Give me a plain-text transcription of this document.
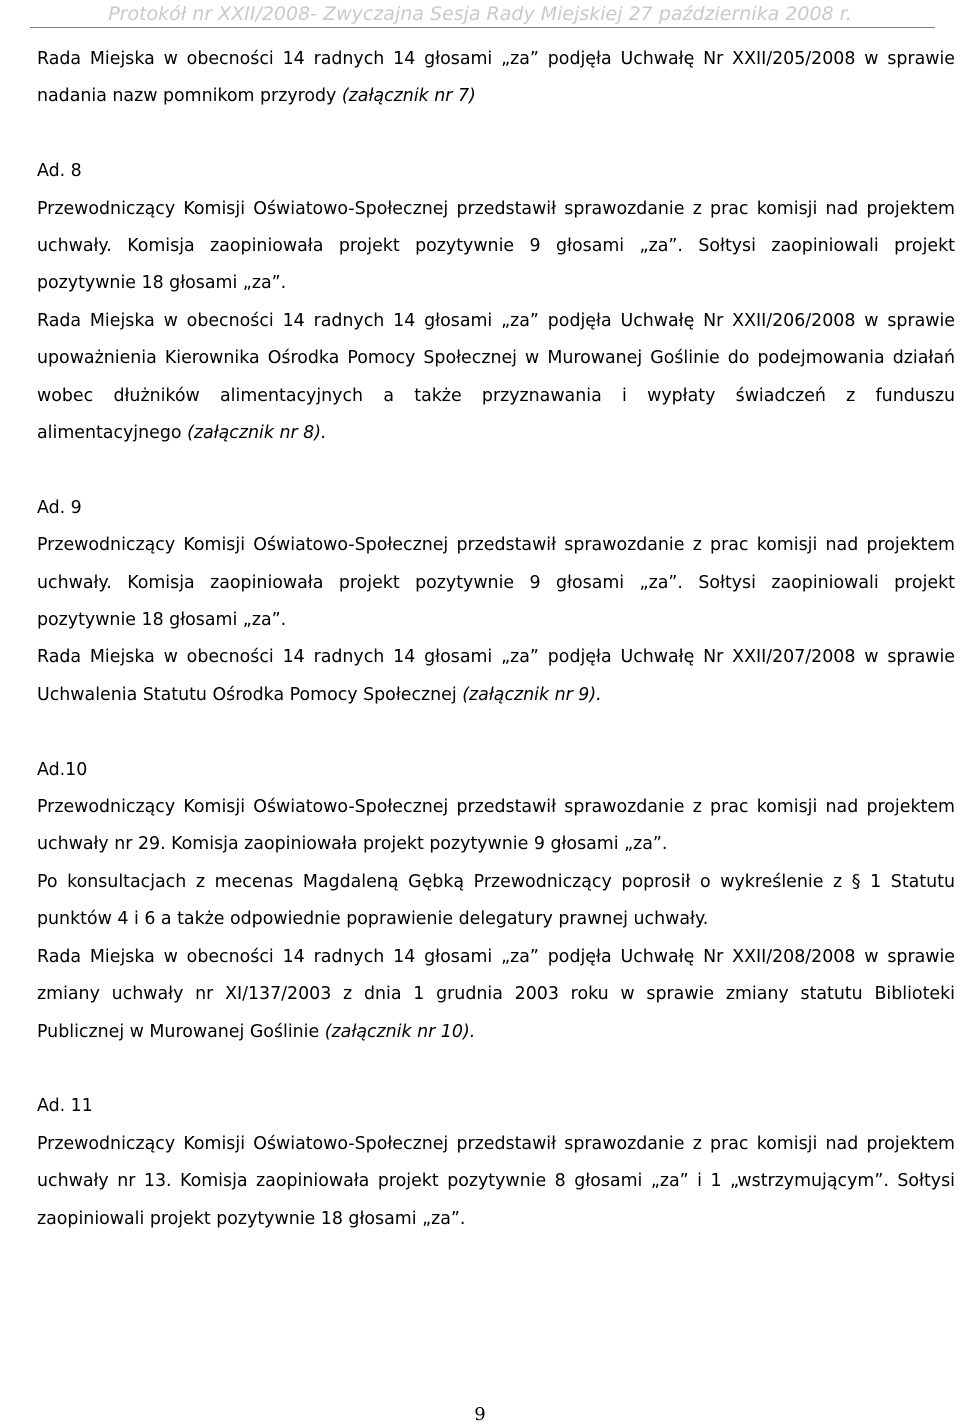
Protokół nr XXII/2008- Zwyczajna Sesja Rady Miejskiej 27 października 2008 r.

Rada Miejska w obecności 14 radnych 14 głosami „za” podjęła Uchwałę Nr XXII/205/2008 w sprawie nadania nazw pomnikom przyrody (załącznik nr 7)

Ad. 8

Przewodniczący Komisji Oświatowo-Społecznej przedstawił sprawozdanie z prac komisji nad projektem uchwały. Komisja zaopiniowała projekt pozytywnie 9 głosami „za”. Sołtysi zaopiniowali projekt pozytywnie 18 głosami „za”.

Rada Miejska w obecności 14 radnych 14 głosami „za” podjęła Uchwałę Nr XXII/206/2008 w sprawie upoważnienia Kierownika Ośrodka Pomocy Społecznej w Murowanej Goślinie do podejmowania działań wobec dłużników alimentacyjnych a także przyznawania i wypłaty świadczeń z funduszu alimentacyjnego (załącznik nr 8).

Ad. 9

Przewodniczący Komisji Oświatowo-Społecznej przedstawił sprawozdanie z prac komisji nad projektem uchwały. Komisja zaopiniowała projekt pozytywnie 9 głosami „za”. Sołtysi zaopiniowali projekt pozytywnie 18 głosami „za”.

Rada Miejska w obecności 14 radnych 14 głosami „za” podjęła Uchwałę Nr XXII/207/2008 w sprawie Uchwalenia Statutu Ośrodka Pomocy Społecznej (załącznik nr 9).

Ad.10

Przewodniczący Komisji Oświatowo-Społecznej przedstawił sprawozdanie z prac komisji nad projektem uchwały nr 29. Komisja zaopiniowała projekt pozytywnie 9 głosami „za”.

Po konsultacjach z mecenas Magdaleną Gębką Przewodniczący poprosił o wykreślenie z § 1 Statutu punktów 4 i 6 a także odpowiednie poprawienie delegatury prawnej uchwały.

Rada Miejska w obecności 14 radnych 14 głosami „za” podjęła Uchwałę Nr XXII/208/2008 w sprawie zmiany uchwały nr XI/137/2003 z dnia 1 grudnia 2003 roku w sprawie zmiany statutu Biblioteki Publicznej w Murowanej Goślinie (załącznik nr 10).

Ad. 11

Przewodniczący Komisji Oświatowo-Społecznej przedstawił sprawozdanie z prac komisji nad projektem uchwały nr 13. Komisja zaopiniowała projekt pozytywnie 8 głosami „za” i 1 „wstrzymującym”. Sołtysi zaopiniowali projekt pozytywnie 18 głosami „za”.

9
